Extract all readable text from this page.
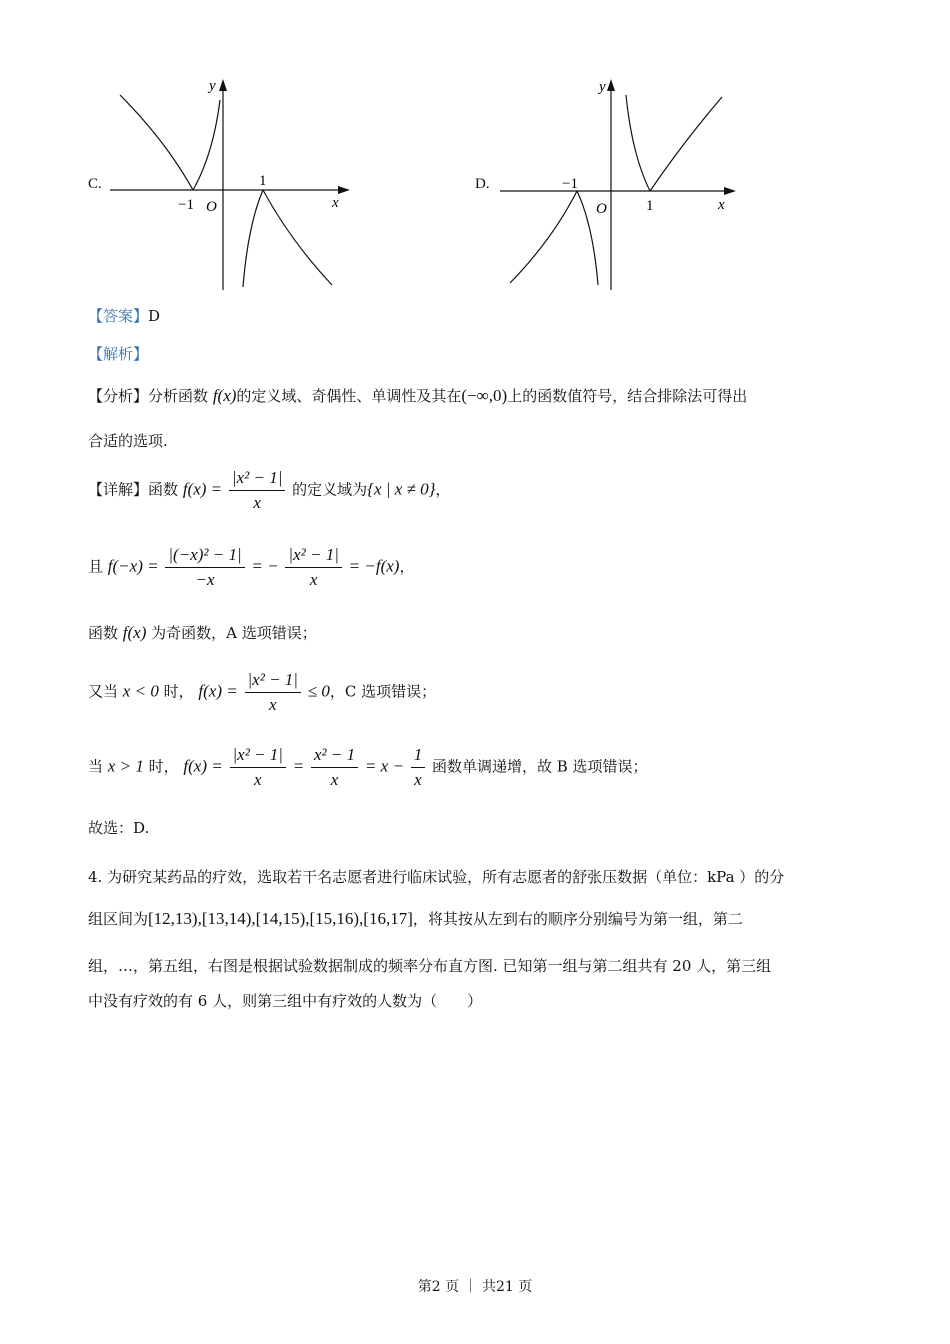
C.
y
x
O
−1
1	D.
y
x
O
−1
1
【答案】D
【解析】
【分析】分析函数 f(x)的定义域、奇偶性、单调性及其在(−∞,0)上的函数值符号，结合排除法可得出
合适的选项.
【详解】函数 $f(x) = \frac{\text{|x² − 1|}}{x}$ 的定义域为{x | x ≠ 0}，
且 $f(-x) = \frac{\text{|(−x)² − 1|}}{-x}$ = − $\frac{\text{|x² − 1|}}{x} = -f(x)$，
函数 f(x) 为奇函数，A 选项错误；
又当 x < 0 时， $f(x) = \frac{\text{|x² − 1|}}{x} \le 0$，C 选项错误；
当 x > 1 时， $f(x) = \frac{\text{|x² − 1|}}{x} = \frac{\text{x² − 1}}{x} = x - \frac{1}{x}$ 函数单调递增，故 B 选项错误；
故选：D.
4. 为研究某药品的疗效，选取若干名志愿者进行临床试验，所有志愿者的舒张压数据（单位：kPa ）的分
组区间为[12,13),[13,14),[14,15),[15,16),[16,17]，将其按从左到右的顺序分别编号为第一组，第二
组，…，第五组，右图是根据试验数据制成的频率分布直方图. 已知第一组与第二组共有 20 人，第三组
中没有疗效的有 6 人，则第三组中有疗效的人数为（　　）
第2 页 ｜ 共21 页
